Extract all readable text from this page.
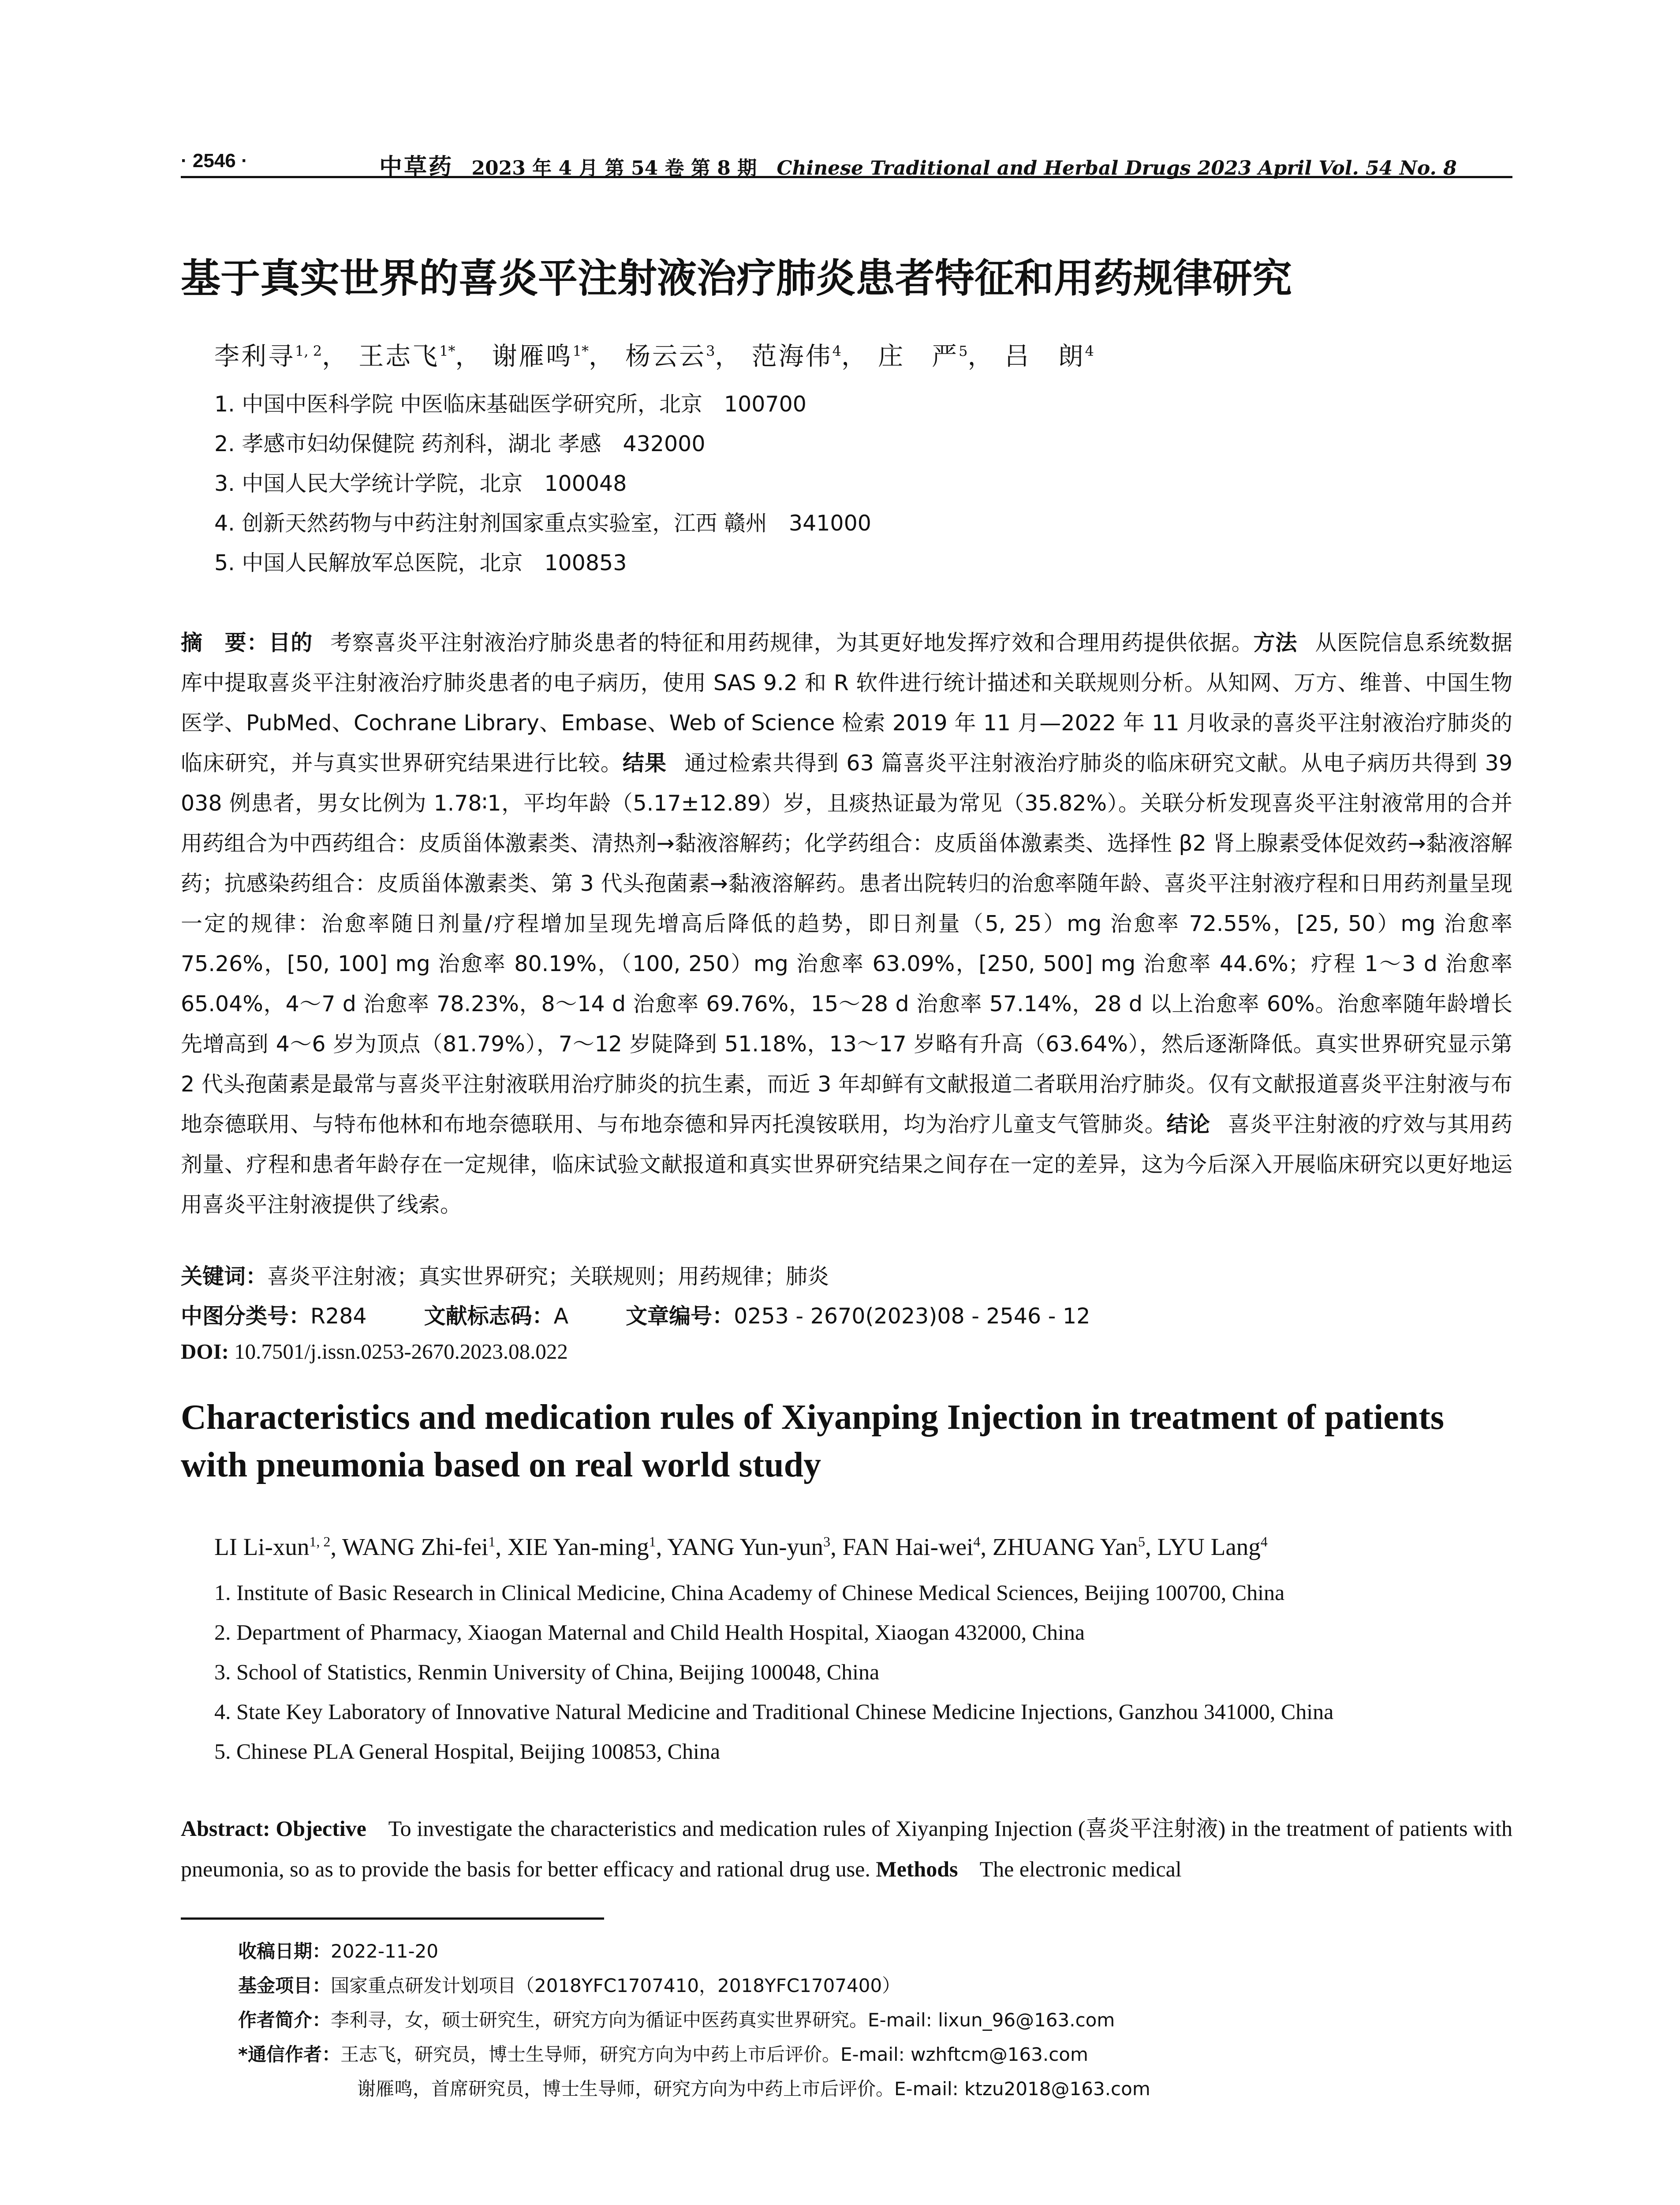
· 2546 ·	中草药 2023 年 4 月 第 54 卷 第 8 期 Chinese Traditional and Herbal Drugs 2023 April Vol. 54 No. 8
基于真实世界的喜炎平注射液治疗肺炎患者特征和用药规律研究
李利寻$^{1, 2}$， 王志飞$^{1*}$， 谢雁鸣$^{1*}$， 杨云云$^3$， 范海伟$^4$， 庄　严$^5$， 吕　朗$^4$
1. 中国中医科学院 中医临床基础医学研究所，北京　100700
2. 孝感市妇幼保健院 药剂科，湖北 孝感　432000
3. 中国人民大学统计学院，北京　100048
4. 创新天然药物与中药注射剂国家重点实验室，江西 赣州　341000
5. 中国人民解放军总医院，北京　100853
摘　要：目的 考察喜炎平注射液治疗肺炎患者的特征和用药规律，为其更好地发挥疗效和合理用药提供依据。方法 从医院信息系统数据库中提取喜炎平注射液治疗肺炎患者的电子病历，使用 SAS 9.2 和 R 软件进行统计描述和关联规则分析。从知网、万方、维普、中国生物医学、PubMed、Cochrane Library、Embase、Web of Science 检索 2019 年 11 月—2022 年 11 月收录的喜炎平注射液治疗肺炎的临床研究，并与真实世界研究结果进行比较。结果 通过检索共得到 63 篇喜炎平注射液治疗肺炎的临床研究文献。从电子病历共得到 39 038 例患者，男女比例为 1.78∶1，平均年龄（5.17±12.89）岁，且痰热证最为常见（35.82%）。关联分析发现喜炎平注射液常用的合并用药组合为中西药组合：皮质甾体激素类、清热剂→黏液溶解药；化学药组合：皮质甾体激素类、选择性 β2 肾上腺素受体促效药→黏液溶解药；抗感染药组合：皮质甾体激素类、第 3 代头孢菌素→黏液溶解药。患者出院转归的治愈率随年龄、喜炎平注射液疗程和日用药剂量呈现一定的规律：治愈率随日剂量/疗程增加呈现先增高后降低的趋势，即日剂量（5, 25）mg 治愈率 72.55%，[25, 50）mg 治愈率 75.26%，[50, 100] mg 治愈率 80.19%，（100, 250）mg 治愈率 63.09%，[250, 500] mg 治愈率 44.6%；疗程 1～3 d 治愈率 65.04%，4～7 d 治愈率 78.23%，8～14 d 治愈率 69.76%，15～28 d 治愈率 57.14%，28 d 以上治愈率 60%。治愈率随年龄增长先增高到 4～6 岁为顶点（81.79%），7～12 岁陡降到 51.18%，13～17 岁略有升高（63.64%），然后逐渐降低。真实世界研究显示第 2 代头孢菌素是最常与喜炎平注射液联用治疗肺炎的抗生素，而近 3 年却鲜有文献报道二者联用治疗肺炎。仅有文献报道喜炎平注射液与布地奈德联用、与特布他林和布地奈德联用、与布地奈德和异丙托溴铵联用，均为治疗儿童支气管肺炎。结论 喜炎平注射液的疗效与其用药剂量、疗程和患者年龄存在一定规律，临床试验文献报道和真实世界研究结果之间存在一定的差异，这为今后深入开展临床研究以更好地运用喜炎平注射液提供了线索。
关键词：喜炎平注射液；真实世界研究；关联规则；用药规律；肺炎
中图分类号：R284	文献标志码：A	文章编号：0253 - 2670(2023)08 - 2546 - 12
DOI: 10.7501/j.issn.0253-2670.2023.08.022
Characteristics and medication rules of Xiyanping Injection in treatment of patients with pneumonia based on real world study
LI Li-xun$^{1, 2}$, WANG Zhi-fei$^1$, XIE Yan-ming$^1$, YANG Yun-yun$^3$, FAN Hai-wei$^4$, ZHUANG Yan$^5$, LYU Lang$^4$
1. Institute of Basic Research in Clinical Medicine, China Academy of Chinese Medical Sciences, Beijing 100700, China
2. Department of Pharmacy, Xiaogan Maternal and Child Health Hospital, Xiaogan 432000, China
3. School of Statistics, Renmin University of China, Beijing 100048, China
4. State Key Laboratory of Innovative Natural Medicine and Traditional Chinese Medicine Injections, Ganzhou 341000, China
5. Chinese PLA General Hospital, Beijing 100853, China
Abstract: Objective To investigate the characteristics and medication rules of Xiyanping Injection (喜炎平注射液) in the treatment of patients with pneumonia, so as to provide the basis for better efficacy and rational drug use. Methods The electronic medical
收稿日期：2022-11-20
基金项目：国家重点研发计划项目（2018YFC1707410，2018YFC1707400）
作者简介：李利寻，女，硕士研究生，研究方向为循证中医药真实世界研究。E-mail: lixun_96@163.com
*通信作者：王志飞，研究员，博士生导师，研究方向为中药上市后评价。E-mail: wzhftcm@163.com
谢雁鸣，首席研究员，博士生导师，研究方向为中药上市后评价。E-mail: ktzu2018@163.com
